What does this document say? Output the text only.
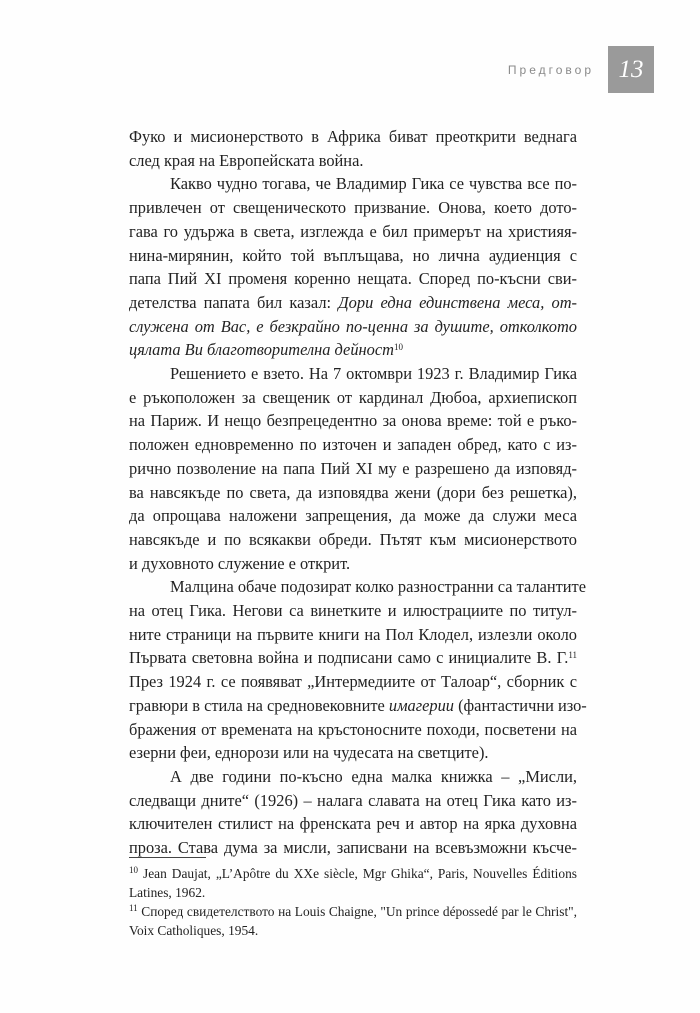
Предговор 13
Фуко и мисионерството в Африка биват преоткрити веднага
след края на Европейската война.
Какво чудно тогава, че Владимир Гика се чувства все по-
привлечен от свещеническото призвание. Онова, което дото-
гава го удържа в света, изглежда е бил примерът на християя-
нина-мирянин, който той въплъщава, но лична аудиенция с
папа Пий XI променя коренно нещата. Според по-късни сви-
детелства папата бил казал: Дори една единствена меса, от-
служена от Вас, е безкрайно по-ценна за душите, отколкото
цялата Ви благотворителна дейност$^{10}$
Решението е взето. На 7 октомври 1923 г. Владимир Гика
е ръкоположен за свещеник от кардинал Дюбоа, архиепископ
на Париж. И нещо безпрецедентно за онова време: той е ръко-
положен едновременно по източен и западен обред, като с из-
рично позволение на папа Пий XI му е разрешено да изповяд-
ва навсякъде по света, да изповядва жени (дори без решетка),
да опрощава наложени запрещения, да може да служи меса
навсякъде и по всякакви обреди. Пътят към мисионерството
и духовното служение е открит.
Малцина обаче подозират колко разностранни са талантите
на отец Гика. Негови са винетките и илюстрациите по титул-
ните страници на първите книги на Пол Клодел, излезли около
Първата световна война и подписани само с инициалите В. Г.$^{11}$
През 1924 г. се появяват „Интермедиите от Талоар“, сборник с
гравюри в стила на средновековните имагерии (фантастични изо-
бражения от времената на кръстоносните походи, посветени на
езерни феи, еднорози или на чудесата на светците).
А две години по-късно една малка книжка – „Мисли,
следващи дните“ (1926) – налага славата на отец Гика като из-
ключителен стилист на френската реч и автор на ярка духовна
проза. Става дума за мисли, записвани на всевъзможни късче-
$^{10}$ Jean Daujat, „L’Apôtre du XXe siècle, Mgr Ghika“, Paris, Nouvelles Éditions
Latines, 1962.
$^{11}$ Според свидетелството на Louis Chaigne, "Un prince dépossedé par le Christ",
Voix Catholiques, 1954.
